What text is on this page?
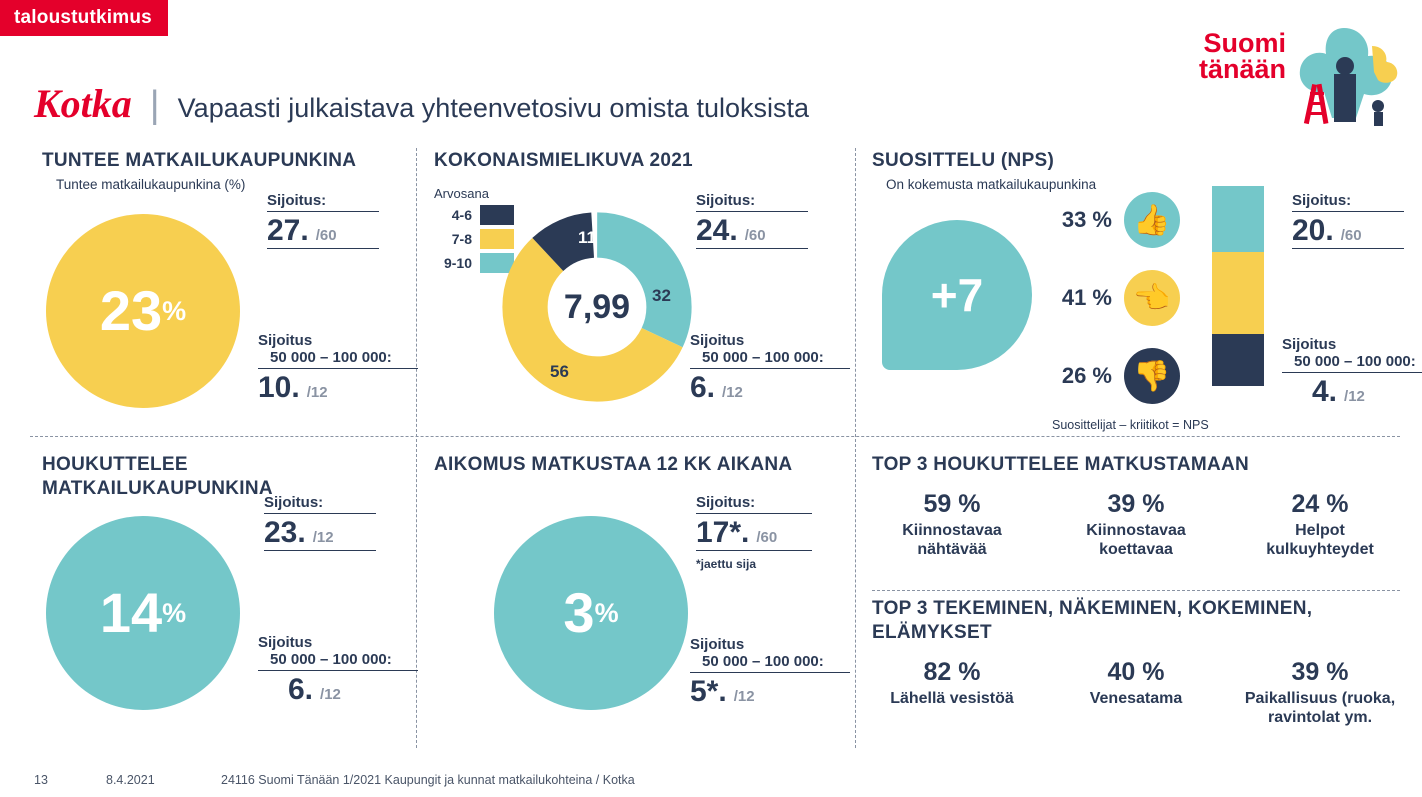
taloustutkimus
Suomi
tänään
Kotka | Vapaasti julkaistava yhteenvetosivu omista tuloksista
TUNTEE MATKAILUKAUPUNKINA
Tuntee matkailukaupunkina (%)
23 %
Sijoitus:
27. /60
Sijoitus
50 000 – 100 000:
10. /12
KOKONAISMIELIKUVA 2021
Arvosana
4-6
7-8
9-10
7,99
11
32
56
Sijoitus:
24. /60
Sijoitus
50 000 – 100 000:
6. /12
SUOSITTELU (NPS)
On kokemusta matkailukaupunkina
+7
33 % 👍
41 % 👈
26 % 👎
Suosittelijat – kriitikot = NPS
Sijoitus:
20. /60
Sijoitus
50 000 – 100 000:
4. /12
HOUKUTTELEE
MATKAILUKAUPUNKINA
14 %
Sijoitus:
23. /12
Sijoitus
50 000 – 100 000:
6. /12
AIKOMUS MATKUSTAA 12 KK AIKANA
3 %
Sijoitus:
17*. /60
*jaettu sija
Sijoitus
50 000 – 100 000:
5*. /12
TOP 3 HOUKUTTELEE MATKUSTAMAAN
59 %
Kiinnostavaa nähtävää
39 %
Kiinnostavaa koettavaa
24 %
Helpot kulkuyhteydet
TOP 3 TEKEMINEN, NÄKEMINEN, KOKEMINEN,
ELÄMYKSET
82 %
Lähellä vesistöä
40 %
Venesatama
39 %
Paikallisuus (ruoka, ravintolat ym.
13	8.4.2021	24116 Suomi Tänään 1/2021 Kaupungit ja kunnat matkailukohteina / Kotka
